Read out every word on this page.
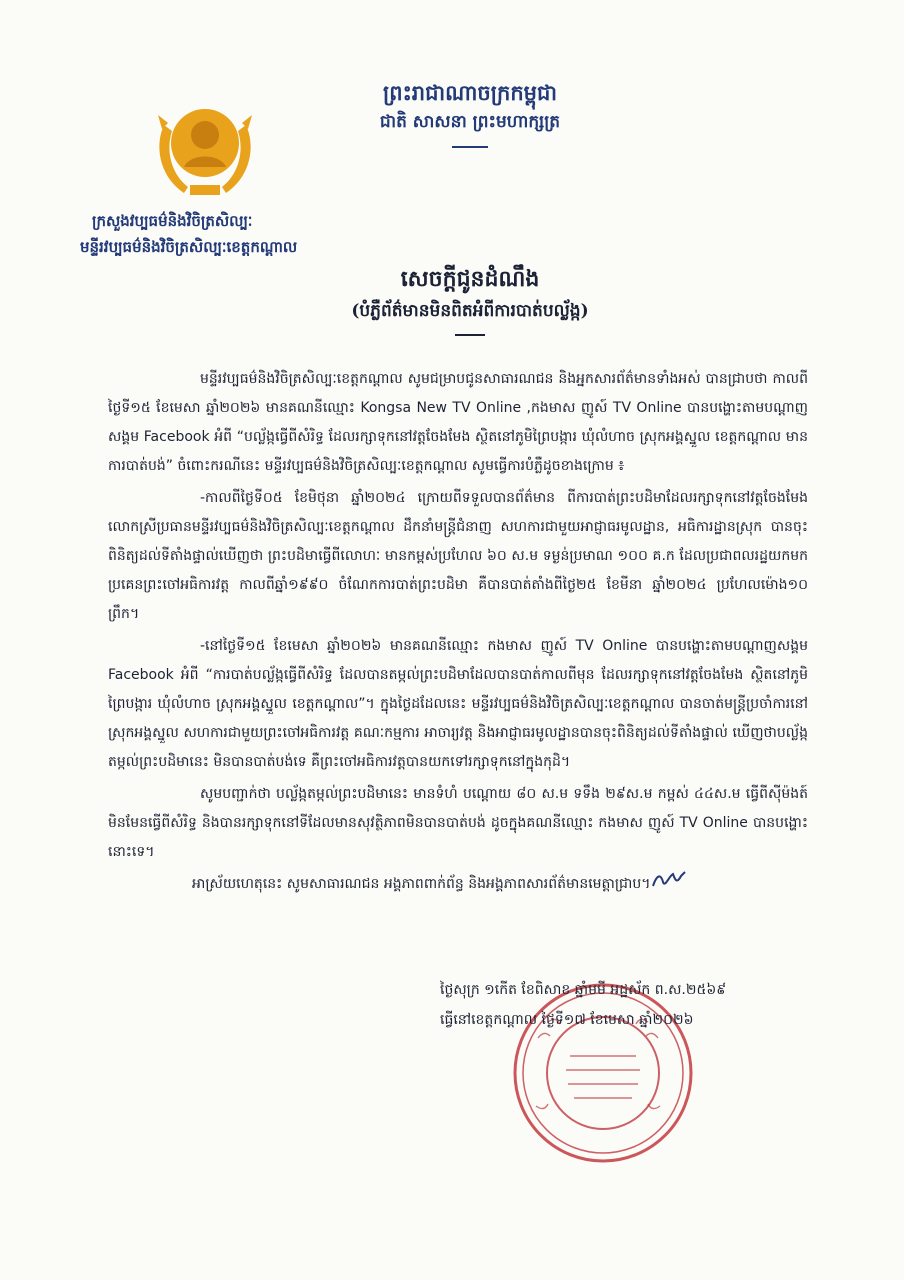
ព្រះរាជាណាចក្រកម្ពុជា
ជាតិ សាសនា ព្រះមហាក្សត្រ
ក្រសួងវប្បធម៌និងវិចិត្រសិល្បៈ
មន្ទីរវប្បធម៌និងវិចិត្រសិល្បៈខេត្តកណ្ដាល
សេចក្ដីជូនដំណឹង
(បំភ្លឺព័ត៌មានមិនពិតអំពីការបាត់បល្ល័ង្ក)

មន្ទីរវប្បធម៌និងវិចិត្រសិល្បៈខេត្តកណ្ដាល សូមជម្រាបជូនសាធារណជន និងអ្នកសារព័ត៌មានទាំងអស់ បានជ្រាបថា កាលពីថ្ងៃទី១៥ ខែមេសា ឆ្នាំ២០២៦ មានគណនីឈ្មោះ Kongsa New TV Online ,កងមាស ញូស៍ TV Online បានបង្ហោះតាមបណ្ដាញសង្គម Facebook អំពី “បល្ល័ង្កធ្វើពីសំរិទ្ធ ដែលរក្សាទុកនៅវត្តចែងមែង ស្ថិតនៅភូមិព្រៃបង្ការ ឃុំលំហាច ស្រុកអង្គស្នួល ខេត្តកណ្ដាល មានការបាត់បង់” ចំពោះករណីនេះ មន្ទីរវប្បធម៌និងវិចិត្រសិល្បៈខេត្តកណ្ដាល សូមធ្វើការបំភ្លឺដូចខាងក្រោម ៖

-កាលពីថ្ងៃទី០៥ ខែមិថុនា ឆ្នាំ២០២៤ ក្រោយពីទទួលបានព័ត៌មាន ពីការបាត់ព្រះបដិមាដែលរក្សាទុកនៅវត្តចែងមែង លោកស្រីប្រធានមន្ទីរវប្បធម៌និងវិចិត្រសិល្បៈខេត្តកណ្ដាល ដឹកនាំមន្ត្រីជំនាញ សហការជាមួយអាជ្ញាធរមូលដ្ឋាន, អធិការដ្ឋានស្រុក បានចុះពិនិត្យដល់ទីតាំងផ្ទាល់ឃើញថា ព្រះបដិមាធ្វើពីលោហៈ មានកម្ពស់ប្រហែល ៦០ ស.ម ទម្ងន់ប្រមាណ ១០០ គ.ក ដែលប្រជាពលរដ្ឋយកមកប្រគេនព្រះចៅអធិការវត្ត កាលពីឆ្នាំ១៩៩០ ចំណែកការបាត់ព្រះបដិមា គឺបានបាត់តាំងពីថ្ងៃ២៥ ខែមីនា ឆ្នាំ២០២៤ ប្រហែលម៉ោង១០ ព្រឹក។

-នៅថ្ងៃទី១៥ ខែមេសា ឆ្នាំ២០២៦ មានគណនីឈ្មោះ កងមាស ញូស៍ TV Online បានបង្ហោះតាមបណ្ដាញសង្គម Facebook អំពី “ការបាត់បល្ល័ង្កធ្វើពីសំរិទ្ធ ដែលបានតម្កល់ព្រះបដិមាដែលបានបាត់កាលពីមុន ដែលរក្សាទុកនៅវត្តចែងមែង ស្ថិតនៅភូមិព្រៃបង្ការ ឃុំលំហាច ស្រុកអង្គស្នួល ខេត្តកណ្ដាល”។ ក្នុងថ្ងៃដដែលនេះ មន្ទីរវប្បធម៌និងវិចិត្រសិល្បៈខេត្តកណ្ដាល បានចាត់មន្ត្រីប្រចាំការនៅស្រុកអង្គស្នួល សហការជាមួយព្រះចៅអធិការវត្ត គណៈកម្មការ អាចារ្យវត្ត និងអាជ្ញាធរមូលដ្ឋានបានចុះពិនិត្យដល់ទីតាំងផ្ទាល់ ឃើញថាបល្ល័ង្កតម្កល់ព្រះបដិមានេះ មិនបានបាត់បង់ទេ គឺព្រះចៅអធិការវត្តបានយកទៅរក្សាទុកនៅក្នុងកុដិ។

សូមបញ្ជាក់ថា បល្ល័ង្កតម្កល់ព្រះបដិមានេះ មានទំហំ បណ្ដោយ ៨០ ស.ម ទទឹង ២៩ស.ម កម្ពស់ ៤៤ស.ម ធ្វើពីស៊ីម៉ងត៍ មិនមែនធ្វើពីសំរិទ្ធ និងបានរក្សាទុកនៅទីដែលមានសុវត្ថិភាពមិនបានបាត់បង់ ដូចក្នុងគណនីឈ្មោះ កងមាស ញូស៍ TV Online បានបង្ហោះនោះទេ។

អាស្រ័យហេតុនេះ សូមសាធារណជន អង្គភាពពាក់ព័ន្ធ និងអង្គភាពសារព័ត៌មានមេត្តាជ្រាប។

ថ្ងៃសុក្រ ១កើត ខែពិសាខ ឆ្នាំមមី អដ្ឋស័ក ព.ស.២៥៦៩
ធ្វើនៅខេត្តកណ្ដាល ថ្ងៃទី១៧ ខែមេសា ឆ្នាំ២០២៦
